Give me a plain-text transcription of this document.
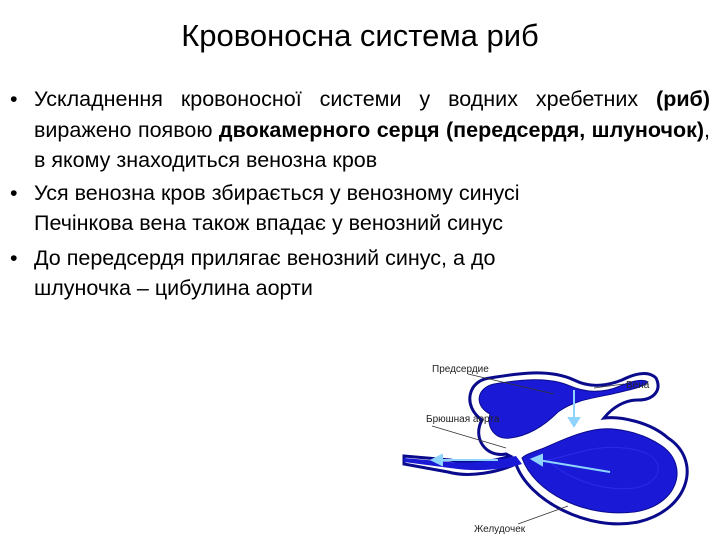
Кровоносна система риб
• Ускладнення кровоносної системи у водних хребетних (риб) виражено появою двокамерного серця (передсердя, шлуночок), в якому знаходиться венозна кров
• Уся венозна кров збирається у венозному синусі
Печінкова вена також впадає у венозний синус
• До передсердя прилягає венозний синус, а до
шлуночка – цибулина аорти
Предсердие
Вена
Брюшная аорта
Желудочек
